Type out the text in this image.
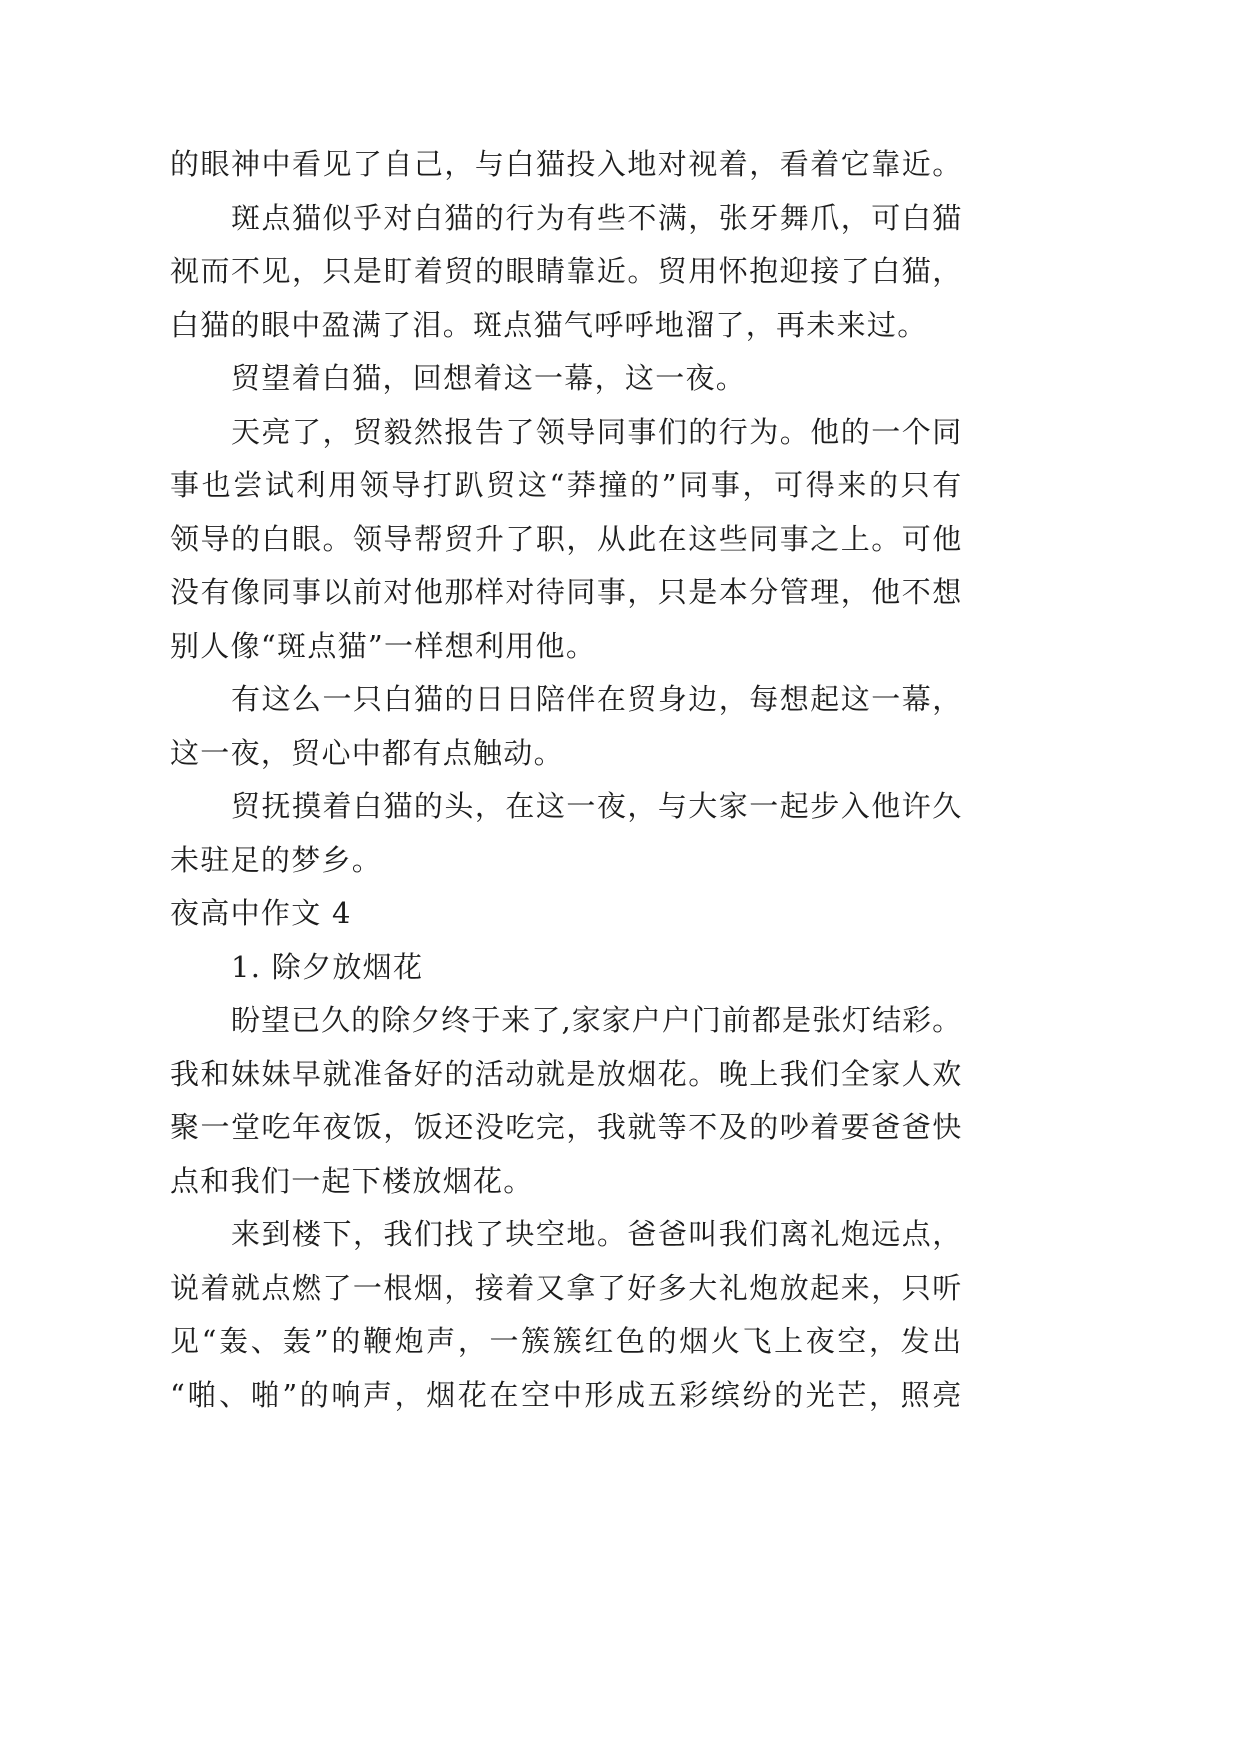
的眼神中看见了自己，与白猫投入地对视着，看着它靠近。
斑点猫似乎对白猫的行为有些不满，张牙舞爪，可白猫
视而不见，只是盯着贸的眼睛靠近。贸用怀抱迎接了白猫，
白猫的眼中盈满了泪。斑点猫气呼呼地溜了，再未来过。
贸望着白猫，回想着这一幕，这一夜。
天亮了，贸毅然报告了领导同事们的行为。他的一个同
事也尝试利用领导打趴贸这“莽撞的”同事，可得来的只有
领导的白眼。领导帮贸升了职，从此在这些同事之上。可他
没有像同事以前对他那样对待同事，只是本分管理，他不想
别人像“斑点猫”一样想利用他。
有这么一只白猫的日日陪伴在贸身边，每想起这一幕，
这一夜，贸心中都有点触动。
贸抚摸着白猫的头，在这一夜，与大家一起步入他许久
未驻足的梦乡。
夜高中作文 4
1. 除夕放烟花
盼望已久的除夕终于来了,家家户户门前都是张灯结彩。
我和妹妹早就准备好的活动就是放烟花。晚上我们全家人欢
聚一堂吃年夜饭，饭还没吃完，我就等不及的吵着要爸爸快
点和我们一起下楼放烟花。
来到楼下，我们找了块空地。爸爸叫我们离礼炮远点，
说着就点燃了一根烟，接着又拿了好多大礼炮放起来，只听
见“轰、轰”的鞭炮声，一簇簇红色的烟火飞上夜空，发出
“啪、啪”的响声，烟花在空中形成五彩缤纷的光芒，照亮
